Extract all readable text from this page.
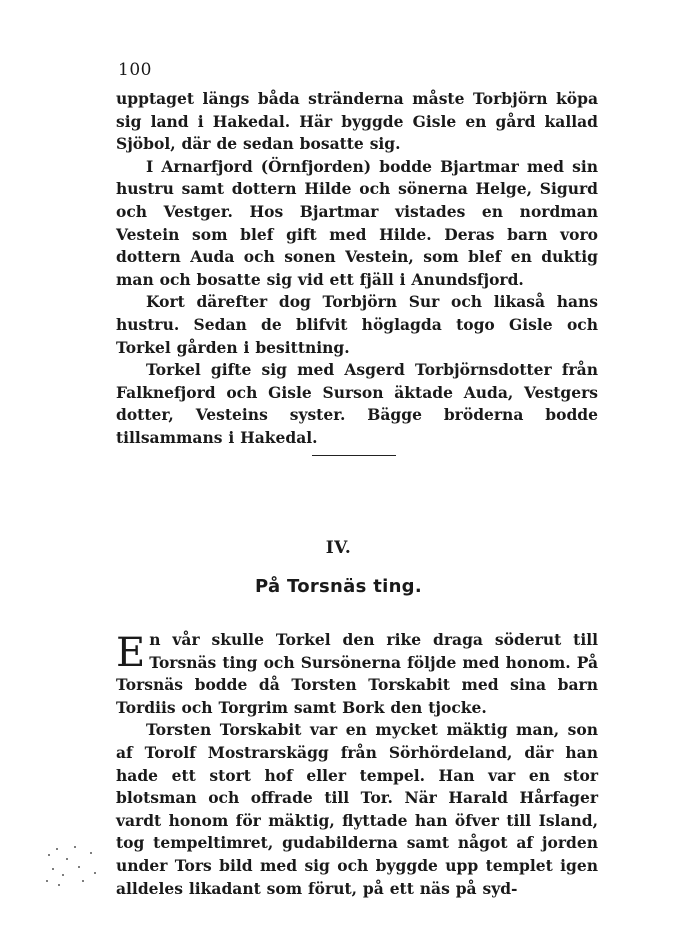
100

upptaget längs båda stränderna måste Torbjörn köpa sig land i Hakedal. Här byggde Gisle en gård kallad Sjöbol, där de sedan bosatte sig.

I Arnarfjord (Örnfjorden) bodde Bjartmar med sin hustru samt dottern Hilde och sönerna Helge, Sigurd och Vestger. Hos Bjartmar vistades en nordman Vestein som blef gift med Hilde. Deras barn voro dottern Auda och sonen Vestein, som blef en duktig man och bosatte sig vid ett fjäll i Anundsfjord.

Kort därefter dog Torbjörn Sur och likaså hans hustru. Sedan de blifvit höglagda togo Gisle och Torkel gården i besittning.

Torkel gifte sig med Asgerd Torbjörnsdotter från Falknefjord och Gisle Surson äktade Auda, Vestgers dotter, Vesteins syster. Bägge bröderna bodde tillsammans i Hakedal.

IV.
På Torsnäs ting.

En vår skulle Torkel den rike draga söderut till Torsnäs ting och Sursönerna följde med honom. På Torsnäs bodde då Torsten Torskabit med sina barn Tordiis och Torgrim samt Bork den tjocke.

Torsten Torskabit var en mycket mäktig man, son af Torolf Mostrarskägg från Sörhördeland, där han hade ett stort hof eller tempel. Han var en stor blotsman och offrade till Tor. När Harald Hårfager vardt honom för mäktig, flyttade han öfver till Island, tog tempeltimret, gudabilderna samt något af jorden under Tors bild med sig och byggde upp templet igen alldeles likadant som förut, på ett näs på syd-
